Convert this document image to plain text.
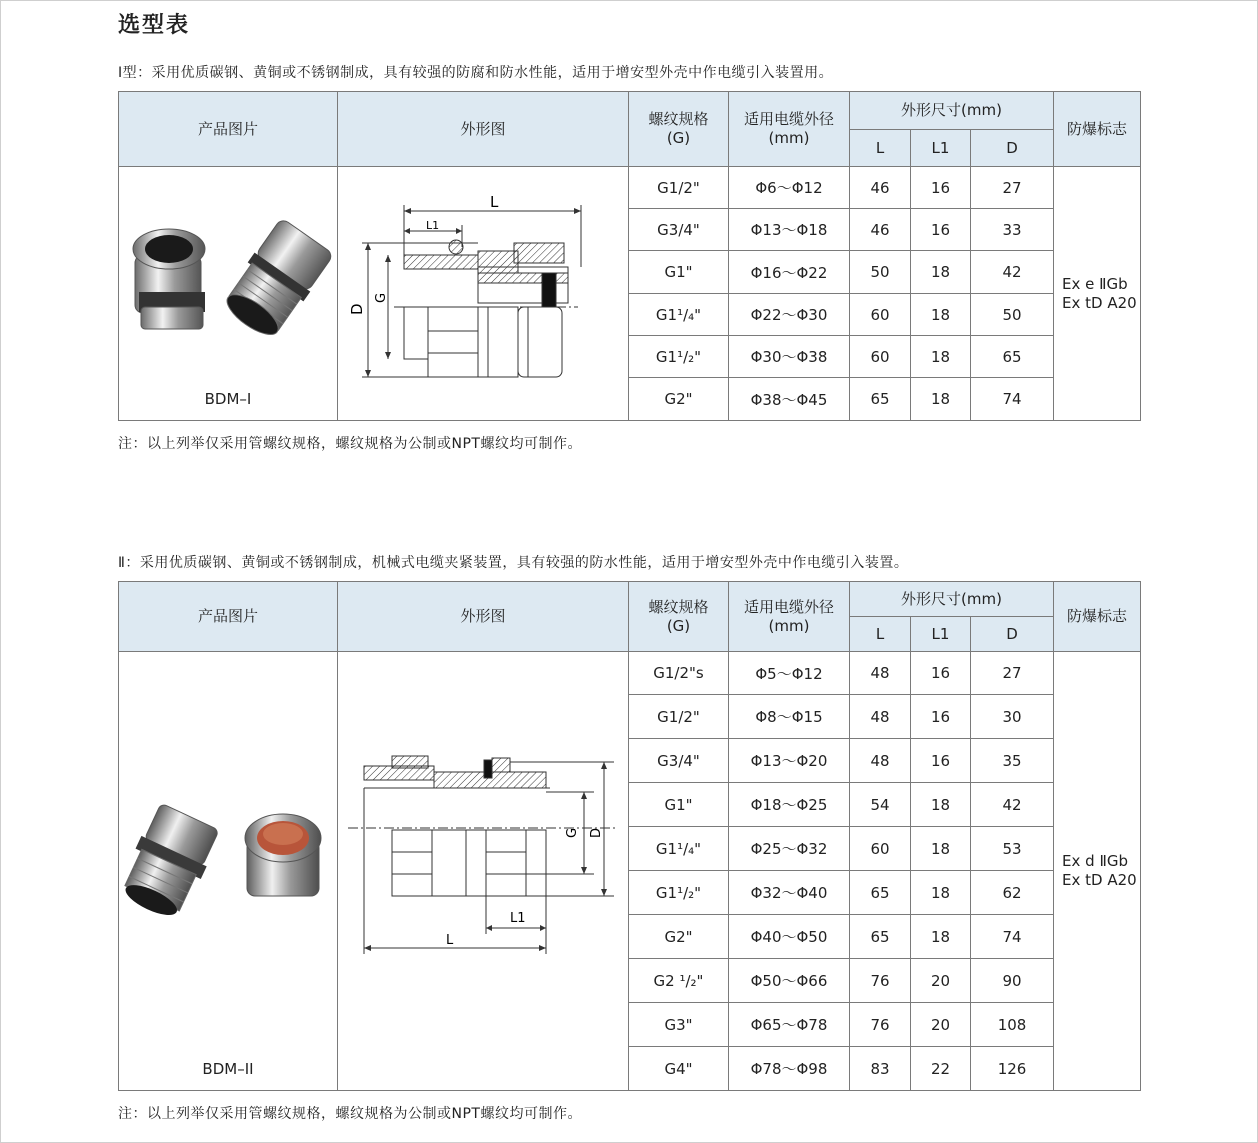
选型表
Ⅰ型：采用优质碳钢、黄铜或不锈钢制成，具有较强的防腐和防水性能，适用于增安型外壳中作电缆引入装置用。
产品图片	外形图	螺纹规格
(G)	适用电缆外径
(mm)	外形尺寸(mm)			防爆标志
				L	L1	D	

BDM–I	L
L1
D
G	G1/2"	Φ6～Φ12	46	16	27	Ex e ⅡGb
Ex tD A20
		G3/4"	Φ13～Φ18	46	16	33	
		G1"	Φ16～Φ22	50	18	42	
		G1¹/₄"	Φ22～Φ30	60	18	50	
		G1¹/₂"	Φ30～Φ38	60	18	65	
		G2"	Φ38～Φ45	65	18	74	
注：以上列举仅采用管螺纹规格，螺纹规格为公制或NPT螺纹均可制作。
Ⅱ：采用优质碳钢、黄铜或不锈钢制成，机械式电缆夹紧装置，具有较强的防水性能，适用于增安型外壳中作电缆引入装置。
产品图片	外形图	螺纹规格
(G)	适用电缆外径
(mm)	外形尺寸(mm)			防爆标志
				L	L1	D	

BDM–II	G D
L1
L	G1/2"s	Φ5～Φ12	48	16	27	Ex d ⅡGb
Ex tD A20
		G1/2"	Φ8～Φ15	48	16	30	
		G3/4"	Φ13～Φ20	48	16	35	
		G1"	Φ18～Φ25	54	18	42	
		G1¹/₄"	Φ25～Φ32	60	18	53	
		G1¹/₂"	Φ32～Φ40	65	18	62	
		G2"	Φ40～Φ50	65	18	74	
		G2 ¹/₂"	Φ50～Φ66	76	20	90	
		G3"	Φ65～Φ78	76	20	108	
		G4"	Φ78～Φ98	83	22	126	
注：以上列举仅采用管螺纹规格，螺纹规格为公制或NPT螺纹均可制作。
